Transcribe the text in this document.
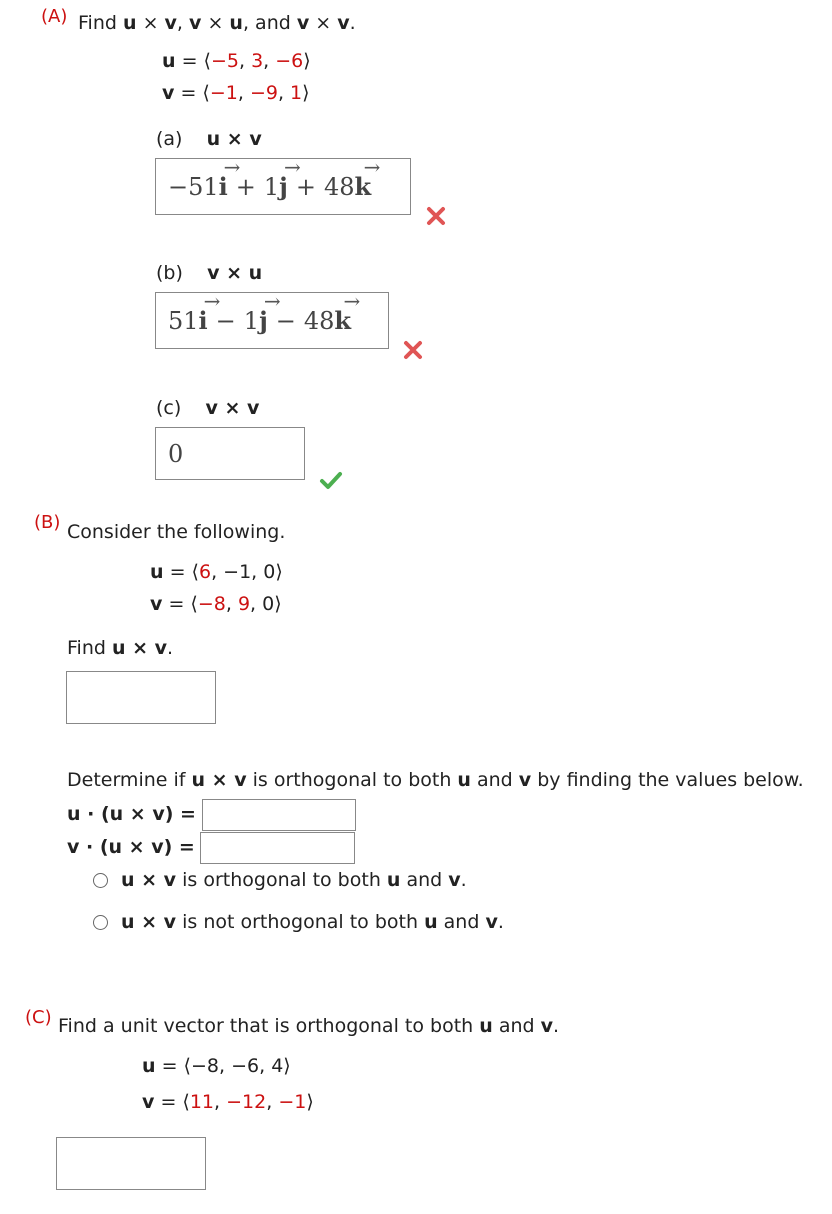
(A) Find u × v, v × u, and v × v.
u = ⟨−5, 3, −6⟩
v = ⟨−1, −9, 1⟩
(a) u × v
−51 i → + 1 j → + 48 k →
(b) v × u
51 i → − 1 j → − 48 k →
(c) v × v
0
(B) Consider the following.
u = ⟨6, −1, 0⟩
v = ⟨−8, 9, 0⟩
Find u × v.
Determine if u × v is orthogonal to both u and v by finding the values below.
u · (u × v) =
v · (u × v) =
u × v is orthogonal to both u and v.
u × v is not orthogonal to both u and v.
(C) Find a unit vector that is orthogonal to both u and v.
u = ⟨−8, −6, 4⟩
v = ⟨11, −12, −1⟩
